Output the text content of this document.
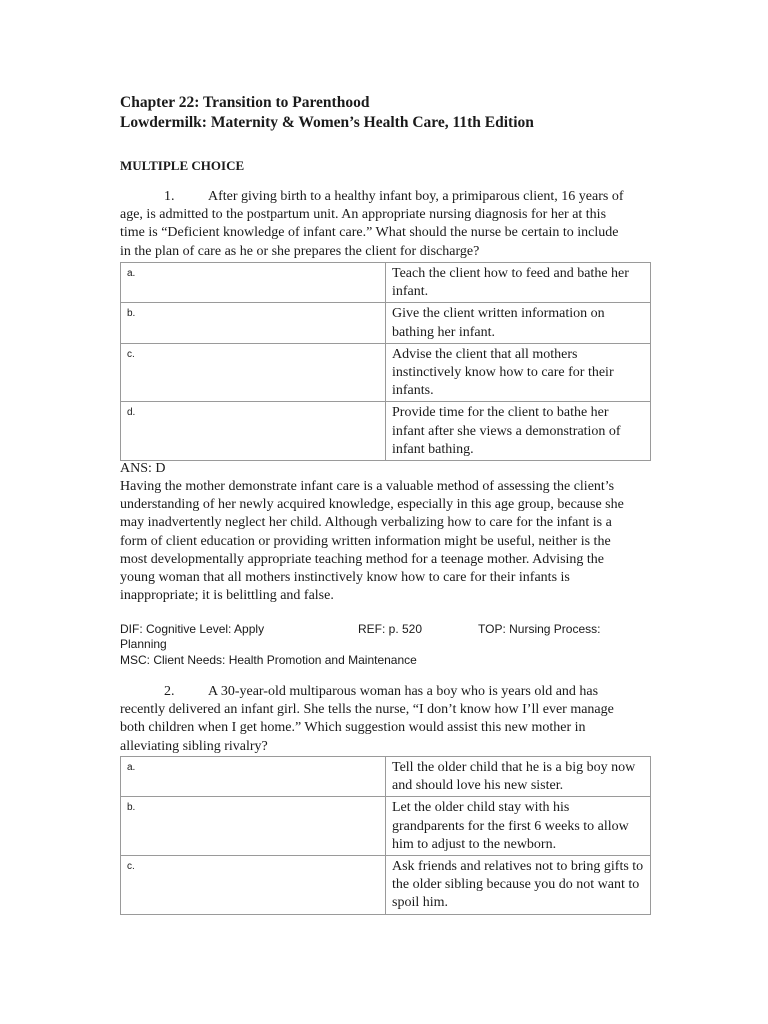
Chapter 22: Transition to Parenthood
Lowdermilk: Maternity & Women’s Health Care, 11th Edition
MULTIPLE CHOICE
1. After giving birth to a healthy infant boy, a primiparous client, 16 years of
age, is admitted to the postpartum unit. An appropriate nursing diagnosis for her at this
time is “Deficient knowledge of infant care.” What should the nurse be certain to include
in the plan of care as he or she prepares the client for discharge?
a.	Teach the client how to feed and bathe her infant.
b.	Give the client written information on bathing her infant.
c.	Advise the client that all mothers instinctively know how to care for their infants.
d.	Provide time for the client to bathe her infant after she views a demonstration of infant bathing.
ANS: D
Having the mother demonstrate infant care is a valuable method of assessing the client’s
understanding of her newly acquired knowledge, especially in this age group, because she
may inadvertently neglect her child. Although verbalizing how to care for the infant is a
form of client education or providing written information might be useful, neither is the
most developmentally appropriate teaching method for a teenage mother. Advising the
young woman that all mothers instinctively know how to care for their infants is
inappropriate; it is belittling and false.
DIF: Cognitive Level: Apply	REF: p. 520	TOP: Nursing Process:
Planning
MSC: Client Needs: Health Promotion and Maintenance
2. A 30-year-old multiparous woman has a boy who is years old and has
recently delivered an infant girl. She tells the nurse, “I don’t know how I’ll ever manage
both children when I get home.” Which suggestion would assist this new mother in
alleviating sibling rivalry?
a.	Tell the older child that he is a big boy now and should love his new sister.
b.	Let the older child stay with his grandparents for the first 6 weeks to allow him to adjust to the newborn.
c.	Ask friends and relatives not to bring gifts to the older sibling because you do not want to spoil him.
